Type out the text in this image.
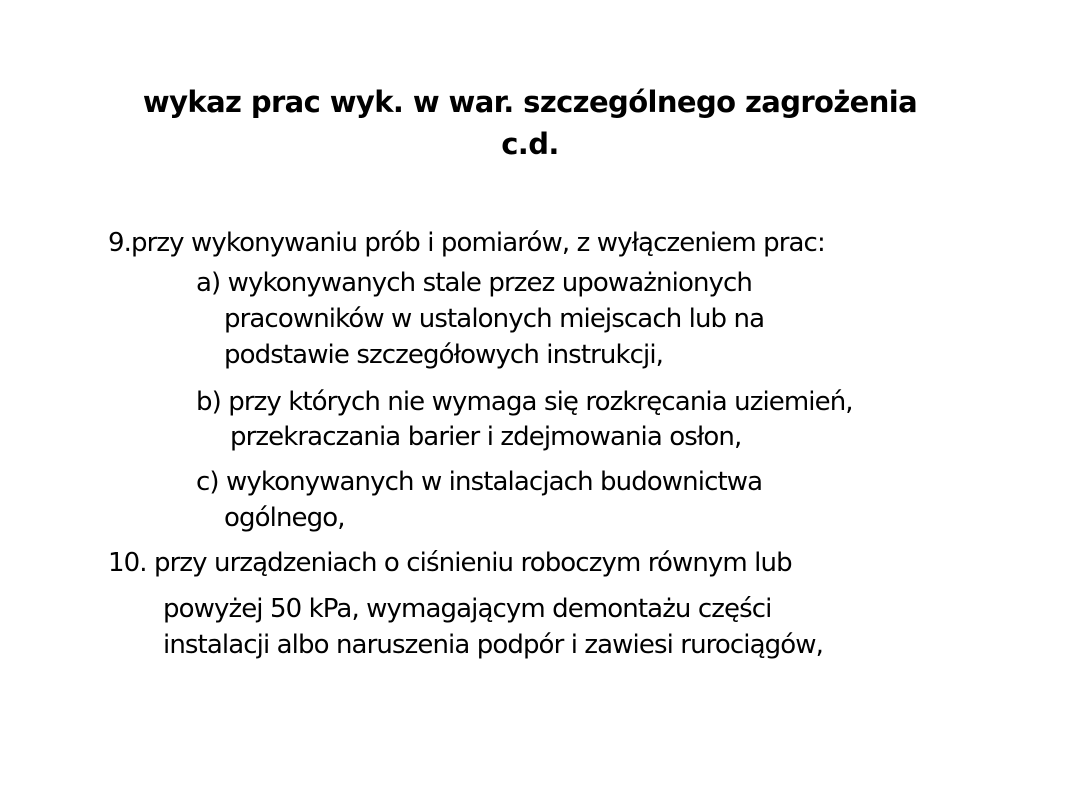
wykaz prac wyk. w war. szczególnego zagrożenia
c.d.
9.przy wykonywaniu prób i pomiarów, z wyłączeniem prac:
a) wykonywanych stale przez upoważnionych
pracowników w ustalonych miejscach lub na
podstawie szczegółowych instrukcji,
b) przy których nie wymaga się rozkręcania uziemień,
przekraczania barier i zdejmowania osłon,
c) wykonywanych w instalacjach budownictwa
ogólnego,
10. przy urządzeniach o ciśnieniu roboczym równym lub
powyżej 50 kPa, wymagającym demontażu części
instalacji albo naruszenia podpór i zawiesi rurociągów,
